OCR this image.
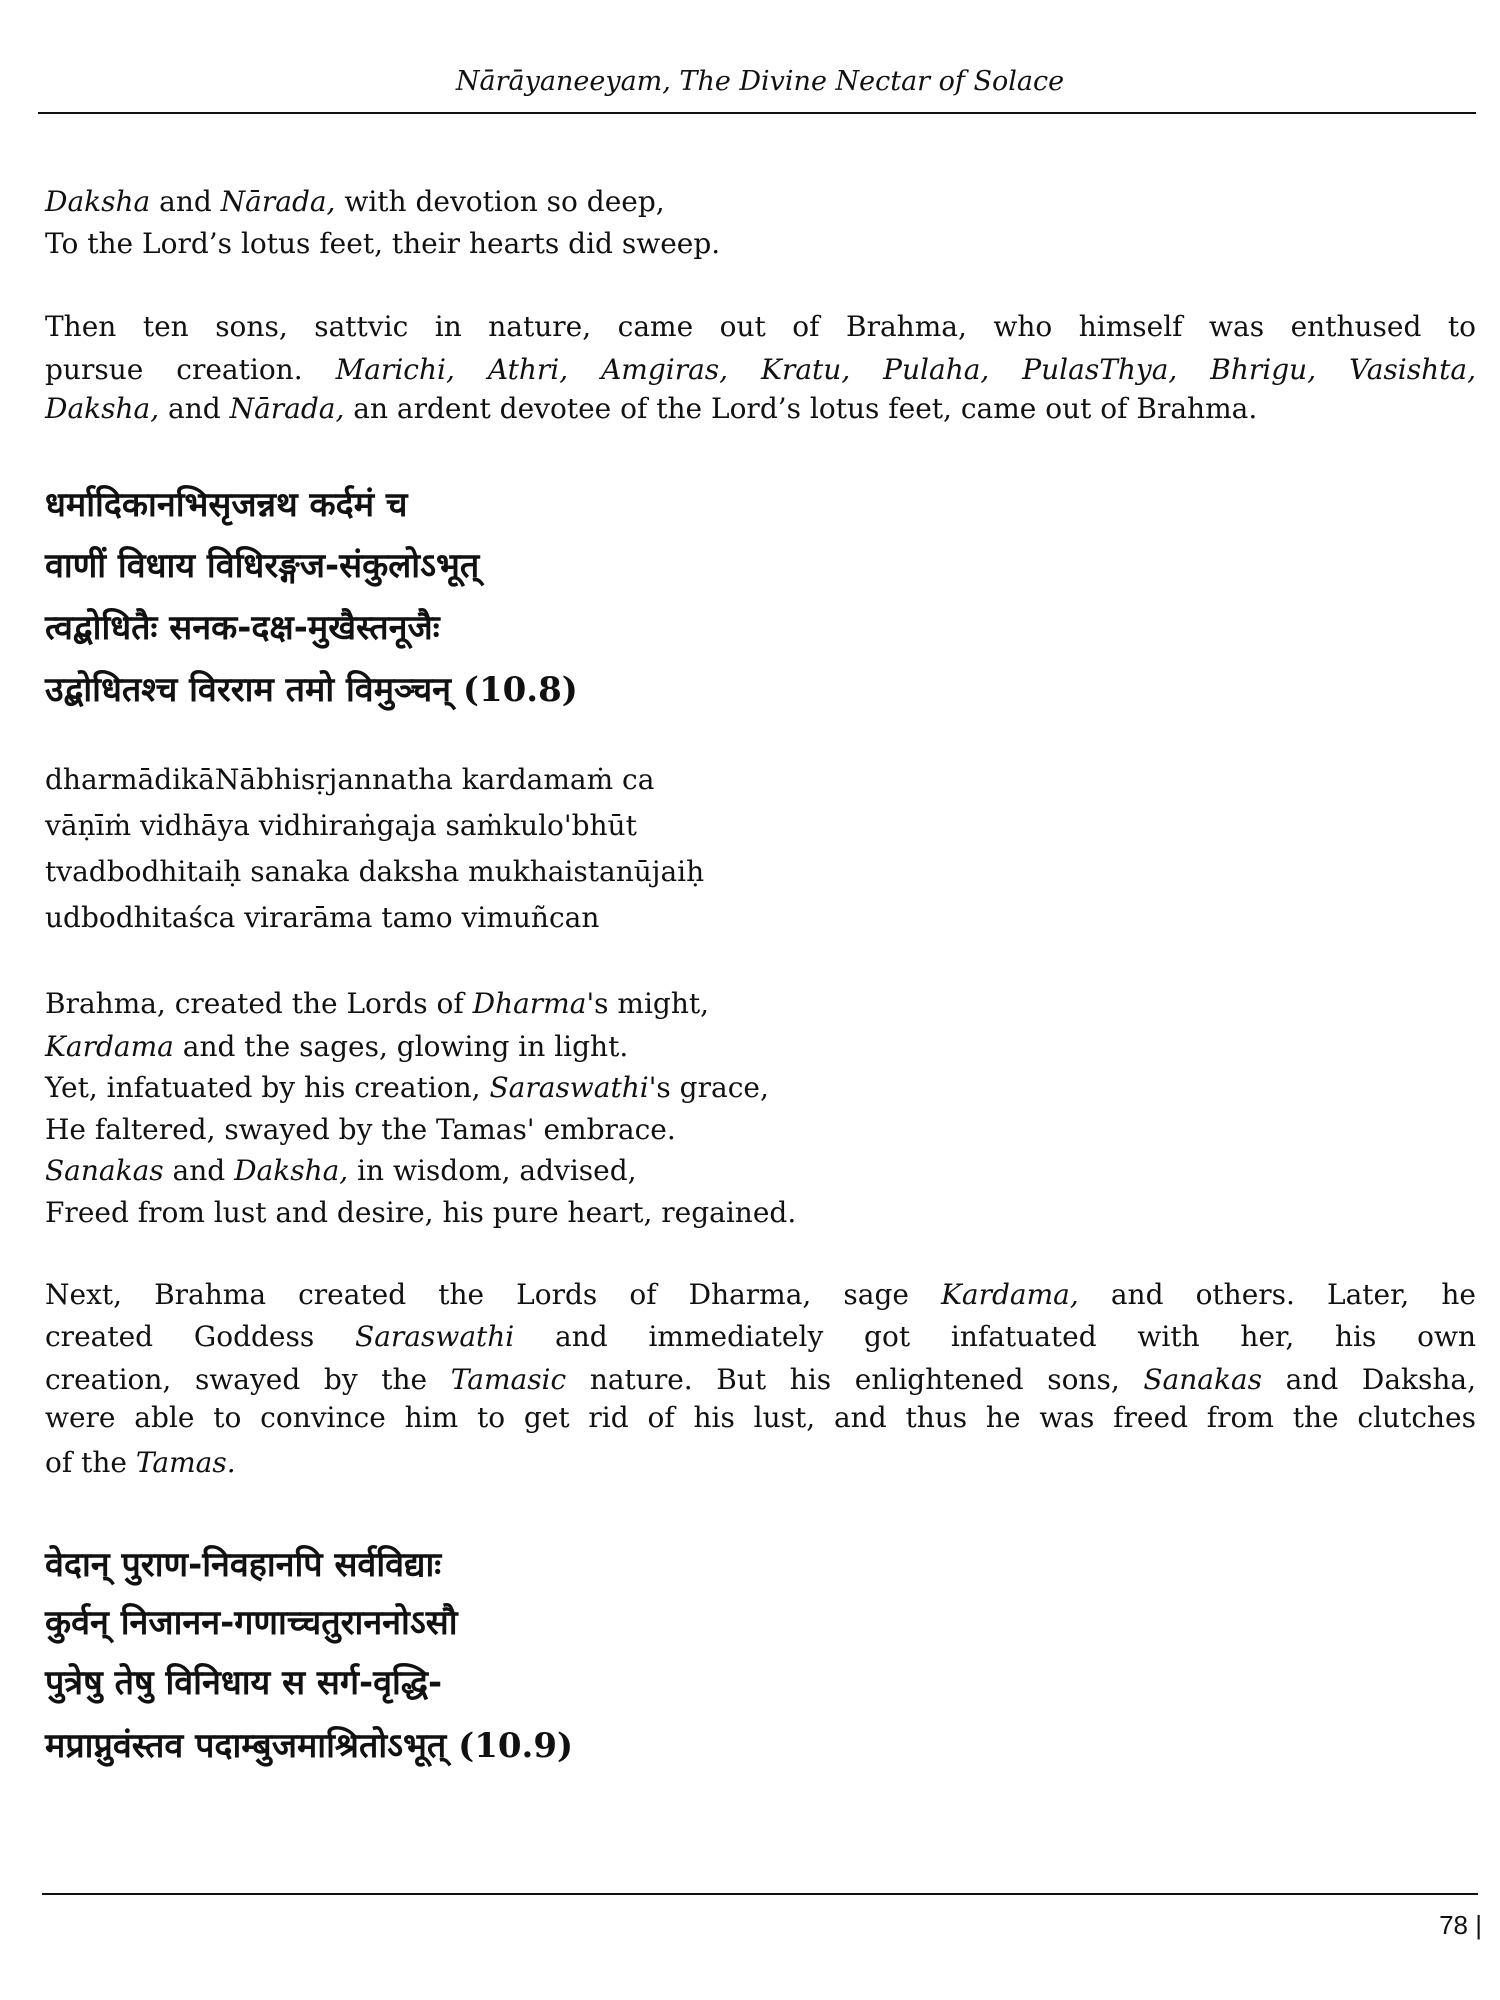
Nārāyaneeyam, The Divine Nectar of Solace
Daksha and Nārada, with devotion so deep,
To the Lord’s lotus feet, their hearts did sweep.
Then ten sons, sattvic in nature, came out of Brahma, who himself was enthused to
pursue creation. Marichi, Athri, Amgiras, Kratu, Pulaha, PulasThya, Bhrigu, Vasishta,
Daksha, and Nārada, an ardent devotee of the Lord’s lotus feet, came out of Brahma.
धर्मादिकानभिसृजन्नथ कर्दमं च
वाणीं विधाय विधिरङ्गज-संकुलोऽभूत्
त्वद्बोधितैः सनक-दक्ष-मुखैस्तनूजैः
उद्बोधितश्च विरराम तमो विमुञ्चन् (10.8)
dharmādikāNābhisṛjannatha kardamaṁ ca
vāṇīṁ vidhāya vidhiraṅgaja saṁkulo'bhūt
tvadbodhitaiḥ sanaka daksha mukhaistanūjaiḥ
udbodhitaśca virarāma tamo vimuñcan
Brahma, created the Lords of Dharma's might,
Kardama and the sages, glowing in light.
Yet, infatuated by his creation, Saraswathi's grace,
He faltered, swayed by the Tamas' embrace.
Sanakas and Daksha, in wisdom, advised,
Freed from lust and desire, his pure heart, regained.
Next, Brahma created the Lords of Dharma, sage Kardama, and others. Later, he
created Goddess Saraswathi and immediately got infatuated with her, his own
creation, swayed by the Tamasic nature. But his enlightened sons, Sanakas and Daksha,
were able to convince him to get rid of his lust, and thus he was freed from the clutches
of the Tamas.
वेदान् पुराण-निवहानपि सर्वविद्याः
कुर्वन् निजानन-गणाच्चतुराननोऽसौ
पुत्रेषु तेषु विनिधाय स सर्ग-वृद्धि-
मप्राप्नुवंस्तव पदाम्बुजमाश्रितोऽभूत् (10.9)
78 |
